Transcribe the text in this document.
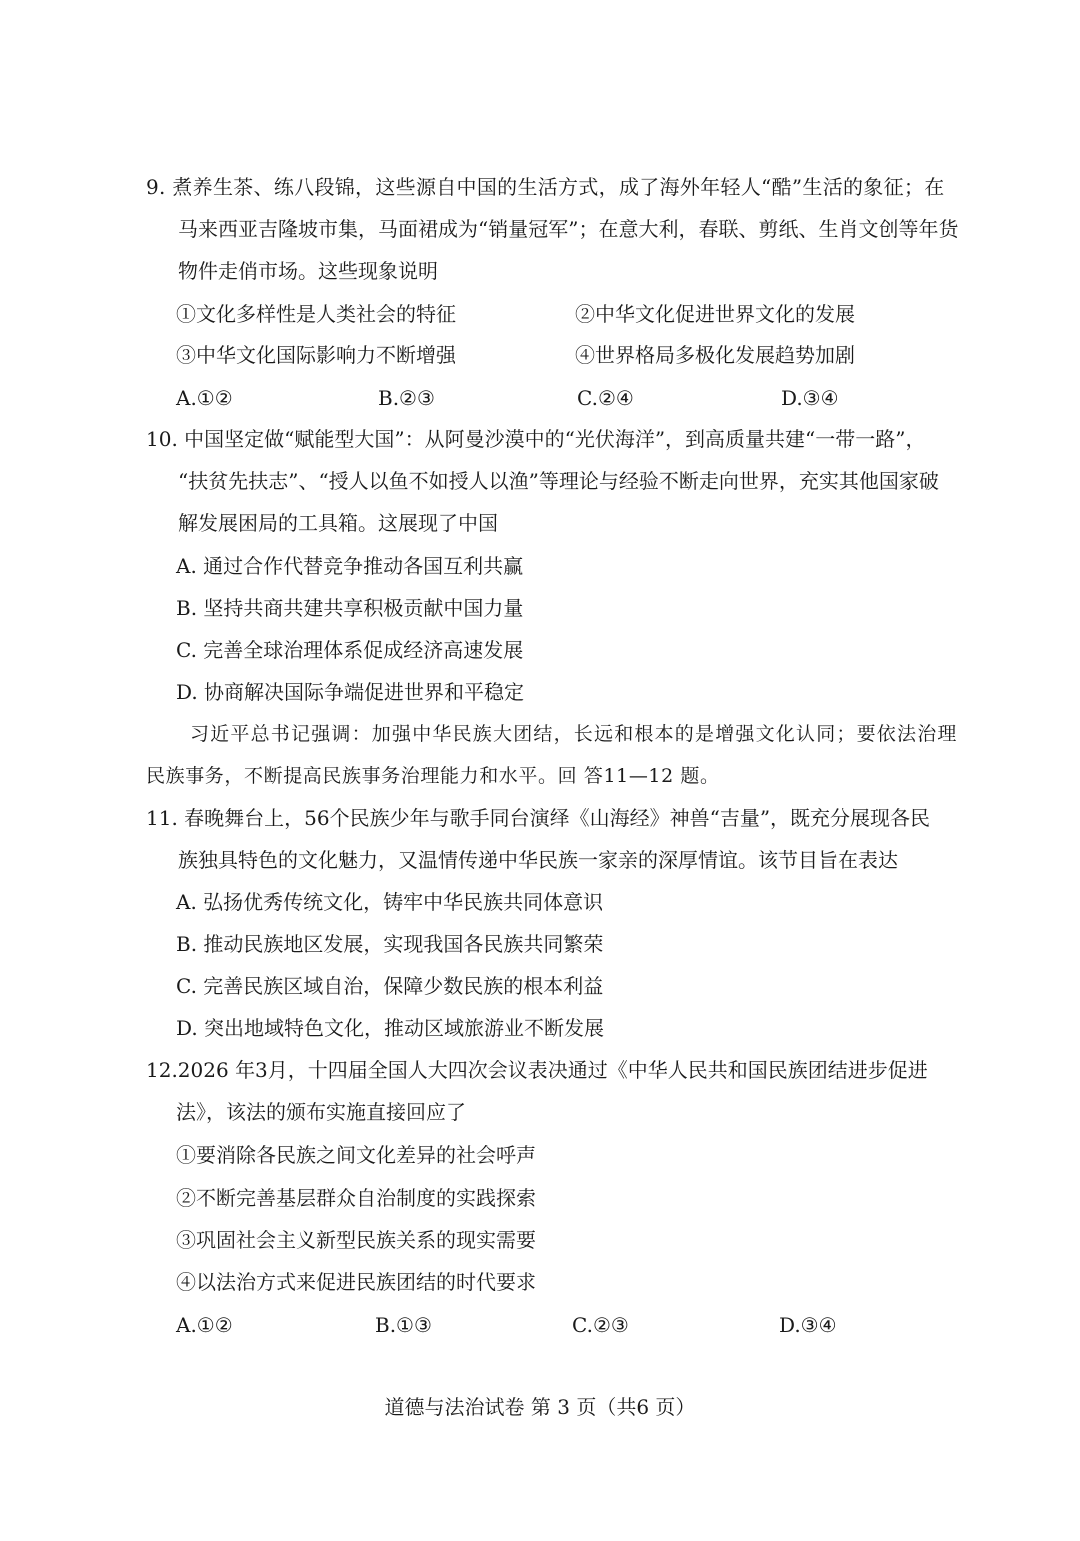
9. 煮养生茶、练八段锦，这些源自中国的生活方式，成了海外年轻人“酷”生活的象征；在
马来西亚吉隆坡市集，马面裙成为“销量冠军”；在意大利，春联、剪纸、生肖文创等年货
物件走俏市场。这些现象说明
①文化多样性是人类社会的特征	②中华文化促进世界文化的发展
③中华文化国际影响力不断增强	④世界格局多极化发展趋势加剧
A.①②	B.②③	C.②④	D.③④
10. 中国坚定做“赋能型大国”：从阿曼沙漠中的“光伏海洋”，到高质量共建“一带一路”，
“扶贫先扶志”、“授人以鱼不如授人以渔”等理论与经验不断走向世界，充实其他国家破
解发展困局的工具箱。这展现了中国
A. 通过合作代替竞争推动各国互利共赢
B. 坚持共商共建共享积极贡献中国力量
C. 完善全球治理体系促成经济高速发展
D. 协商解决国际争端促进世界和平稳定
习近平总书记强调：加强中华民族大团结，长远和根本的是增强文化认同；要依法治理
民族事务，不断提高民族事务治理能力和水平。回 答11—12 题。
11. 春晚舞台上，56个民族少年与歌手同台演绎《山海经》神兽“吉量”，既充分展现各民
族独具特色的文化魅力，又温情传递中华民族一家亲的深厚情谊。该节目旨在表达
A. 弘扬优秀传统文化，铸牢中华民族共同体意识
B. 推动民族地区发展，实现我国各民族共同繁荣
C. 完善民族区域自治，保障少数民族的根本利益
D. 突出地域特色文化，推动区域旅游业不断发展
12.2026 年3月，十四届全国人大四次会议表决通过《中华人民共和国民族团结进步促进
法》，该法的颁布实施直接回应了
①要消除各民族之间文化差异的社会呼声
②不断完善基层群众自治制度的实践探索
③巩固社会主义新型民族关系的现实需要
④以法治方式来促进民族团结的时代要求
A.①②	B.①③	C.②③	D.③④
道德与法治试卷 第 3 页（共6 页）
